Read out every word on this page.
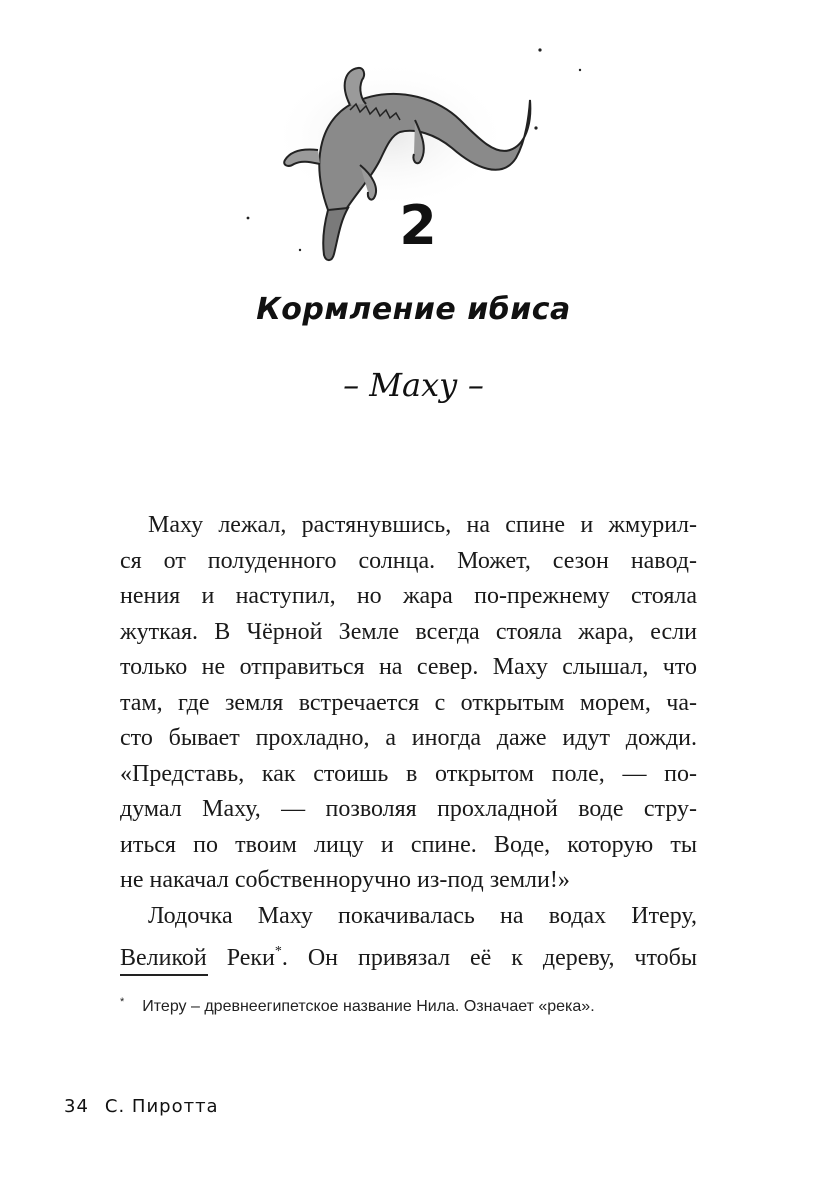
2
Кормление ибиса
– Маху –
Маху лежал, растянувшись, на спине и жмурил-
ся от полуденного солнца. Может, сезон навод-
нения и наступил, но жара по-прежнему стояла
жуткая. В Чёрной Земле всегда стояла жара, если
только не отправиться на север. Маху слышал, что
там, где земля встречается с открытым морем, ча-
сто бывает прохладно, а иногда даже идут дожди.
«Представь, как стоишь в открытом поле, — по-
думал Маху, — позволяя прохладной воде стру-
иться по твоим лицу и спине. Воде, которую ты
не накачал собственноручно из-под земли!»
Лодочка Маху покачивалась на водах Итеру,
Великой Реки*. Он привязал её к дереву, чтобы
* Итеру – древнеегипетское название Нила. Означает «река».
34 С. Пиротта
